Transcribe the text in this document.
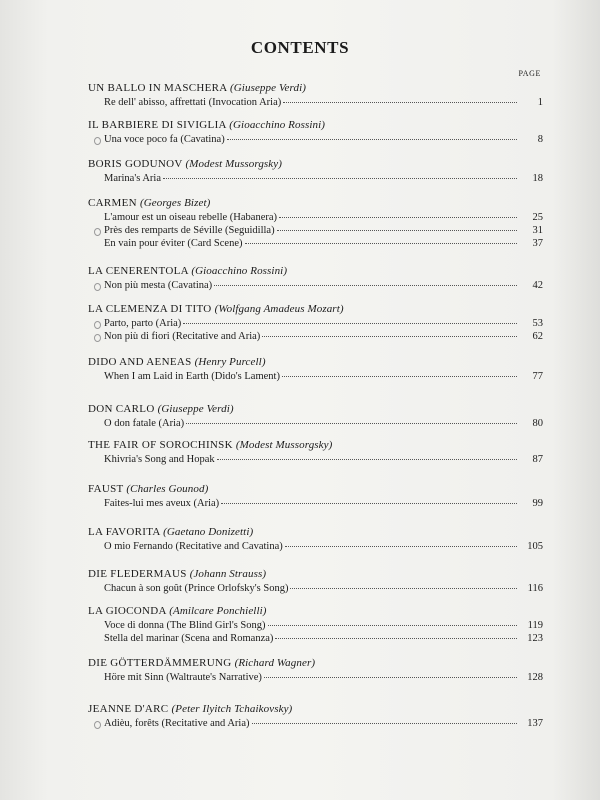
CONTENTS
PAGE
UN BALLO IN MASCHERA (Giuseppe Verdi)
Re dell' abisso, affrettati (Invocation Aria)	1
IL BARBIERE DI SIVIGLIA (Gioacchino Rossini)
Una voce poco fa (Cavatina)	8
BORIS GODUNOV (Modest Mussorgsky)
Marina's Aria	18
CARMEN (Georges Bizet)
L'amour est un oiseau rebelle (Habanera)	25
Près des remparts de Séville (Seguidilla)	31
En vain pour éviter (Card Scene)	37
LA CENERENTOLA (Gioacchino Rossini)
Non più mesta (Cavatina)	42
LA CLEMENZA DI TITO (Wolfgang Amadeus Mozart)
Parto, parto (Aria)	53
Non più di fiori (Recitative and Aria)	62
DIDO AND AENEAS (Henry Purcell)
When I am Laid in Earth (Dido's Lament)	77
DON CARLO (Giuseppe Verdi)
O don fatale (Aria)	80
THE FAIR OF SOROCHINSK (Modest Mussorgsky)
Khivria's Song and Hopak	87
FAUST (Charles Gounod)
Faites-lui mes aveux (Aria)	99
LA FAVORITA (Gaetano Donizetti)
O mio Fernando (Recitative and Cavatina)	105
DIE FLEDERMAUS (Johann Strauss)
Chacun à son goût (Prince Orlofsky's Song)	116
LA GIOCONDA (Amilcare Ponchielli)
Voce di donna (The Blind Girl's Song)	119
Stella del marinar (Scena and Romanza)	123
DIE GÖTTERDÄMMERUNG (Richard Wagner)
Höre mit Sinn (Waltraute's Narrative)	128
JEANNE D'ARC (Peter Ilyitch Tchaikovsky)
Adièu, forêts (Recitative and Aria)	137
